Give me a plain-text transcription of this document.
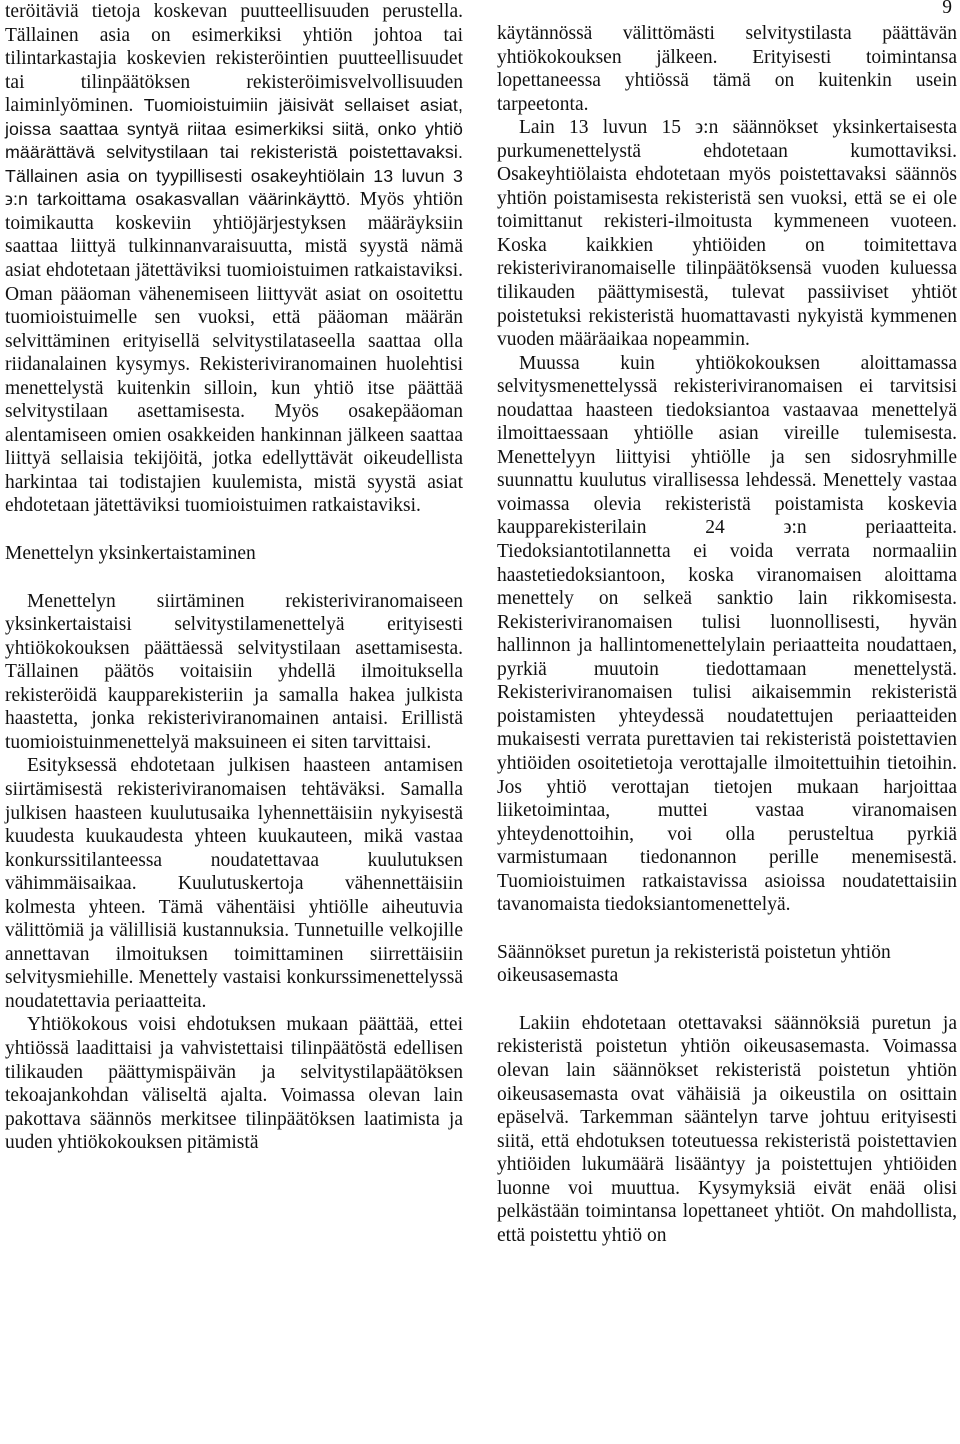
9

teröitäviä tietoja koskevan puutteellisuuden perustella. Tällainen asia on esimerkiksi yhtiön johtoa tai tilintarkastajia koskevien rekisteröintien puutteellisuudet tai tilinpäätöksen rekisteröimisvelvollisuuden laiminlyöminen. Tuomioistuimiin jäisivät sellaiset asiat, joissa saattaa syntyä riitaa esimerkiksi siitä, onko yhtiö määrättävä selvitystilaan tai rekisteristä poistettavaksi. Tällainen asia on tyypillisesti osakeyhtiölain 13 luvun 3 ϶:n tarkoittama osakasvallan väärinkäyttö. Myös yhtiön toimikautta koskeviin yhtiöjärjestyksen määräyksiin saattaa liittyä tulkinnanvaraisuutta, mistä syystä nämä asiat ehdotetaan jätettäviksi tuomioistuimen ratkaistaviksi. Oman pääoman vähenemiseen liittyvät asiat on osoitettu tuomioistuimelle sen vuoksi, että pääoman määrän selvittäminen erityisellä selvitystilataseella saattaa olla riidanalainen kysymys. Rekisteriviranomainen huolehtisi menettelystä kuitenkin silloin, kun yhtiö itse päättää selvitystilaan asettamisesta. Myös osakepääoman alentamiseen omien osakkeiden hankinnan jälkeen saattaa liittyä sellaisia tekijöitä, jotka edellyttävät oikeudellista harkintaa tai todistajien kuulemista, mistä syystä asiat ehdotetaan jätettäviksi tuomioistuimen ratkaistaviksi.

Menettelyn yksinkertaistaminen

Menettelyn siirtäminen rekisteriviranomaiseen yksinkertaistaisi selvitystilamenettelyä erityisesti yhtiökokouksen päättäessä selvitystilaan asettamisesta. Tällainen päätös voitaisiin yhdellä ilmoituksella rekisteröidä kaupparekisteriin ja samalla hakea julkista haastetta, jonka rekisteriviranomainen antaisi. Erillistä tuomioistuinmenettelyä maksuineen ei siten tarvittaisi.

Esityksessä ehdotetaan julkisen haasteen antamisen siirtämisestä rekisteriviranomaisen tehtäväksi. Samalla julkisen haasteen kuulutusaika lyhennettäisiin nykyisestä kuudesta kuukaudesta yhteen kuukauteen, mikä vastaa konkurssitilanteessa noudatettavaa kuulutuksen vähimmäisaikaa. Kuulutuskertoja vähennettäisiin kolmesta yhteen. Tämä vähentäisi yhtiölle aiheutuvia välittömiä ja välillisiä kustannuksia. Tunnetuille velkojille annettavan ilmoituksen toimittaminen siirrettäisiin selvitysmiehille. Menettely vastaisi konkurssimenettelyssä noudatettavia periaatteita.

Yhtiökokous voisi ehdotuksen mukaan päättää, ettei yhtiössä laadittaisi ja vahvistettaisi tilinpäätöstä edellisen tilikauden päättymispäivän ja selvitystilapäätöksen tekoajankohdan väliseltä ajalta. Voimassa olevan lain pakottava säännös merkitsee tilinpäätöksen laatimista ja uuden yhtiökokouksen pitämistä

käytännössä välittömästi selvitystilasta päättävän yhtiökokouksen jälkeen. Erityisesti toimintansa lopettaneessa yhtiössä tämä on kuitenkin usein tarpeetonta.

Lain 13 luvun 15 ϶:n säännökset yksinkertaisesta purkumenettelystä ehdotetaan kumottaviksi. Osakeyhtiölaista ehdotetaan myös poistettavaksi säännös yhtiön poistamisesta rekisteristä sen vuoksi, että se ei ole toimittanut rekisteri-ilmoitusta kymmeneen vuoteen. Koska kaikkien yhtiöiden on toimitettava rekisteriviranomaiselle tilinpäätöksensä vuoden kuluessa tilikauden päättymisestä, tulevat passiiviset yhtiöt poistetuksi rekisteristä huomattavasti nykyistä kymmenen vuoden määräaikaa nopeammin.

Muussa kuin yhtiökokouksen aloittamassa selvitysmenettelyssä rekisteriviranomaisen ei tarvitsisi noudattaa haasteen tiedoksiantoa vastaavaa menettelyä ilmoittaessaan yhtiölle asian vireille tulemisesta. Menettelyyn liittyisi yhtiölle ja sen sidosryhmille suunnattu kuulutus virallisessa lehdessä. Menettely vastaa voimassa olevia rekisteristä poistamista koskevia kaupparekisterilain 24 ϶:n periaatteita. Tiedoksiantotilannetta ei voida verrata normaaliin haastetiedoksiantoon, koska viranomaisen aloittama menettely on selkeä sanktio lain rikkomisesta. Rekisteriviranomaisen tulisi luonnollisesti, hyvän hallinnon ja hallintomenettelylain periaatteita noudattaen, pyrkiä muutoin tiedottamaan menettelystä. Rekisteriviranomaisen tulisi aikaisemmin rekisteristä poistamisten yhteydessä noudatettujen periaatteiden mukaisesti verrata purettavien tai rekisteristä poistettavien yhtiöiden osoitetietoja verottajalle ilmoitettuihin tietoihin. Jos yhtiö verottajan tietojen mukaan harjoittaa liiketoimintaa, muttei vastaa viranomaisen yhteydenottoihin, voi olla perusteltua pyrkiä varmistumaan tiedonannon perille menemisestä. Tuomioistuimen ratkaistavissa asioissa noudatettaisiin tavanomaista tiedoksiantomenettelyä.

Säännökset puretun ja rekisteristä poistetun yhtiön oikeusasemasta

Lakiin ehdotetaan otettavaksi säännöksiä puretun ja rekisteristä poistetun yhtiön oikeusasemasta. Voimassa olevan lain säännökset rekisteristä poistetun yhtiön oikeusasemasta ovat vähäisiä ja oikeustila on osittain epäselvä. Tarkemman sääntelyn tarve johtuu erityisesti siitä, että ehdotuksen toteutuessa rekisteristä poistettavien yhtiöiden lukumäärä lisääntyy ja poistettujen yhtiöiden luonne voi muuttua. Kysymyksiä eivät enää olisi pelkästään toimintansa lopettaneet yhtiöt. On mahdollista, että poistettu yhtiö on
